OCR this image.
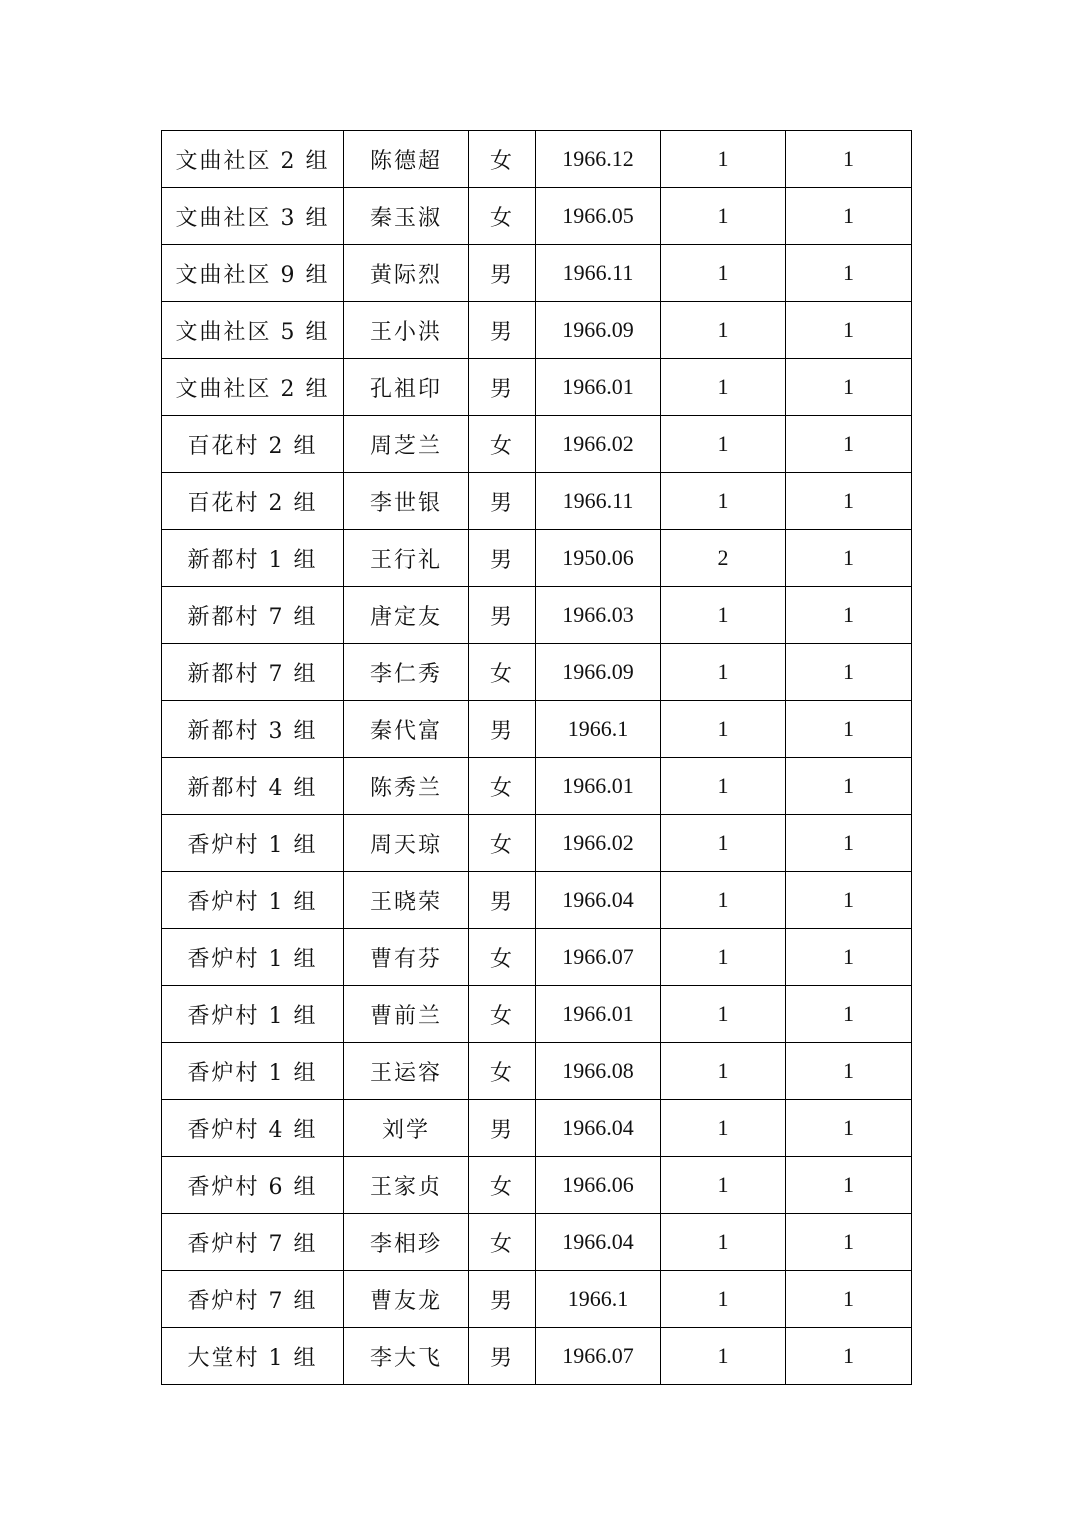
文曲社区 2 组	陈德超	女	1966.12	1	1
文曲社区 3 组	秦玉淑	女	1966.05	1	1
文曲社区 9 组	黄际烈	男	1966.11	1	1
文曲社区 5 组	王小洪	男	1966.09	1	1
文曲社区 2 组	孔祖印	男	1966.01	1	1
百花村 2 组	周芝兰	女	1966.02	1	1
百花村 2 组	李世银	男	1966.11	1	1
新都村 1 组	王行礼	男	1950.06	2	1
新都村 7 组	唐定友	男	1966.03	1	1
新都村 7 组	李仁秀	女	1966.09	1	1
新都村 3 组	秦代富	男	1966.1	1	1
新都村 4 组	陈秀兰	女	1966.01	1	1
香炉村 1 组	周天琼	女	1966.02	1	1
香炉村 1 组	王晓荣	男	1966.04	1	1
香炉村 1 组	曹有芬	女	1966.07	1	1
香炉村 1 组	曹前兰	女	1966.01	1	1
香炉村 1 组	王运容	女	1966.08	1	1
香炉村 4 组	刘学	男	1966.04	1	1
香炉村 6 组	王家贞	女	1966.06	1	1
香炉村 7 组	李相珍	女	1966.04	1	1
香炉村 7 组	曹友龙	男	1966.1	1	1
大堂村 1 组	李大飞	男	1966.07	1	1
